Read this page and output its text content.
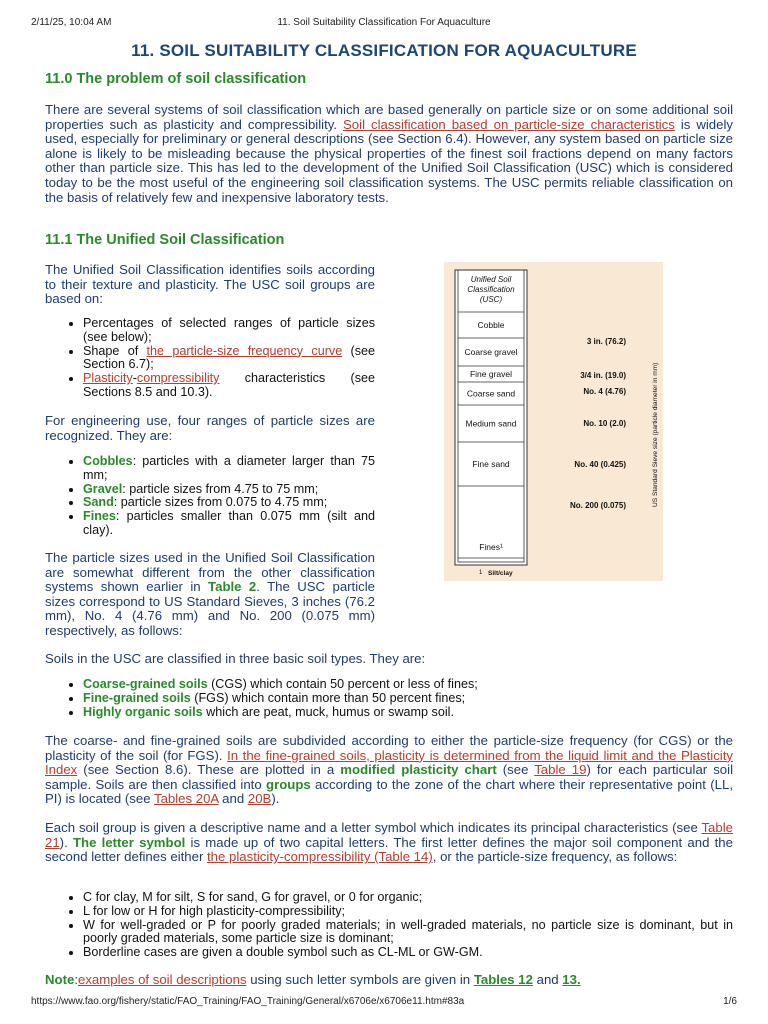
2/11/25, 10:04 AM	11. Soil Suitability Classification For Aquaculture
11. SOIL SUITABILITY CLASSIFICATION FOR AQUACULTURE
11.0 The problem of soil classification
There are several systems of soil classification which are based generally on particle size or on some additional soil properties such as plasticity and compressibility. Soil classification based on particle-size characteristics is widely used, especially for preliminary or general descriptions (see Section 6.4). However, any system based on particle size alone is likely to be misleading because the physical properties of the finest soil fractions depend on many factors other than particle size. This has led to the development of the Unified Soil Classification (USC) which is considered today to be the most useful of the engineering soil classification systems. The USC permits reliable classification on the basis of relatively few and inexpensive laboratory tests.
11.1 The Unified Soil Classification
The Unified Soil Classification identifies soils according to their texture and plasticity. The USC soil groups are based on:
• Percentages of selected ranges of particle sizes (see below);
• Shape of the particle-size frequency curve (see Section 6.7);
• Plasticity-compressibility characteristics (see Sections 8.5 and 10.3).
For engineering use, four ranges of particle sizes are recognized. They are:
• Cobbles: particles with a diameter larger than 75 mm;
• Gravel: particle sizes from 4.75 to 75 mm;
• Sand: particle sizes from 0.075 to 4.75 mm;
• Fines: particles smaller than 0.075 mm (silt and clay).
The particle sizes used in the Unified Soil Classification are somewhat different from the other classification systems shown earlier in Table 2. The USC particle sizes correspond to US Standard Sieves, 3 inches (76.2 mm), No. 4 (4.76 mm) and No. 200 (0.075 mm) respectively, as follows:
Unified Soil
Classification
(USC)
Cobble
Coarse gravel
Fine gravel
Coarse sand
Medium sand
Fine sand
Fines¹
3 in. (76.2)
3/4 in. (19.0)
No. 4 (4.76)
No. 10 (2.0)
No. 40 (0.425)
No. 200 (0.075)	US Standard Sieve size (particle diameter in mm)
1 Silt/clay
Soils in the USC are classified in three basic soil types. They are:
• Coarse-grained soils (CGS) which contain 50 percent or less of fines;
• Fine-grained soils (FGS) which contain more than 50 percent fines;
• Highly organic soils which are peat, muck, humus or swamp soil.
The coarse- and fine-grained soils are subdivided according to either the particle-size frequency (for CGS) or the plasticity of the soil (for FGS). In the fine-grained soils, plasticity is determined from the liquid limit and the Plasticity Index (see Section 8.6). These are plotted in a modified plasticity chart (see Table 19) for each particular soil sample. Soils are then classified into groups according to the zone of the chart where their representative point (LL, PI) is located (see Tables 20A and 20B).
Each soil group is given a descriptive name and a letter symbol which indicates its principal characteristics (see Table 21). The letter symbol is made up of two capital letters. The first letter defines the major soil component and the second letter defines either the plasticity-compressibility (Table 14), or the particle-size frequency, as follows:
• C for clay, M for silt, S for sand, G for gravel, or 0 for organic;
• L for low or H for high plasticity-compressibility;
• W for well-graded or P for poorly graded materials; in well-graded materials, no particle size is dominant, but in poorly graded materials, some particle size is dominant;
• Borderline cases are given a double symbol such as CL-ML or GW-GM.
Note:examples of soil descriptions using such letter symbols are given in Tables 12 and 13.
https://www.fao.org/fishery/static/FAO_Training/FAO_Training/General/x6706e/x6706e11.htm#83a	1/6
